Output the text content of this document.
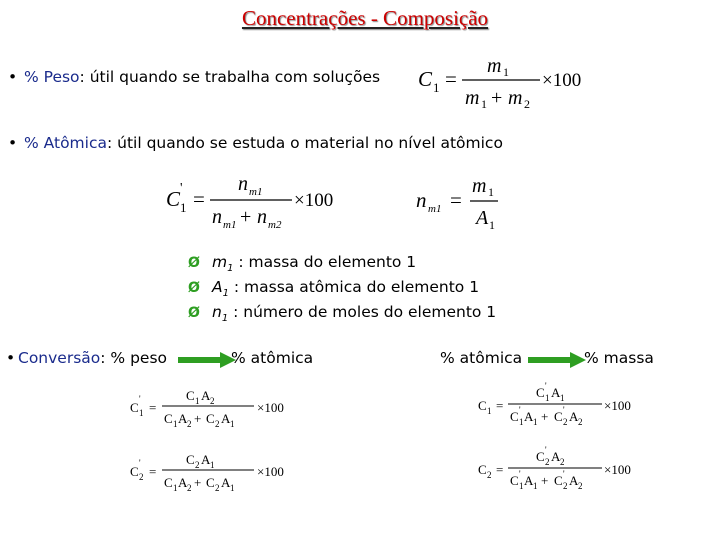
Concentrações - Composição
• % Peso: útil quando se trabalha com soluções C 1 =
m 1
m 1 + m 2
×100
• % Atômica: útil quando se estuda o material no nível atômico
C '
1 =
n m1
n m1 + n m2
×100	n m1 =
m 1
A 1
Ø $m_1$ : massa do elemento 1
Ø $A_1$ : massa atômica do elemento 1
Ø $n_1$ : número de moles do elemento 1
• Conversão: % peso	% atômica	% atômica	% massa
C
'
1 =
C 1 A 2
C 1 A 2 + C 2 A 1
×100
C
'
2 =
C 2 A 1
C 1 A 2 + C 2 A 1
×100
C 1 =
C '
1 A 1
C '
1 A 1 + C '
2 A 2
×100
C 2 =
C '
2 A 2
C '
1 A 1 + C '
2 A 2
×100
